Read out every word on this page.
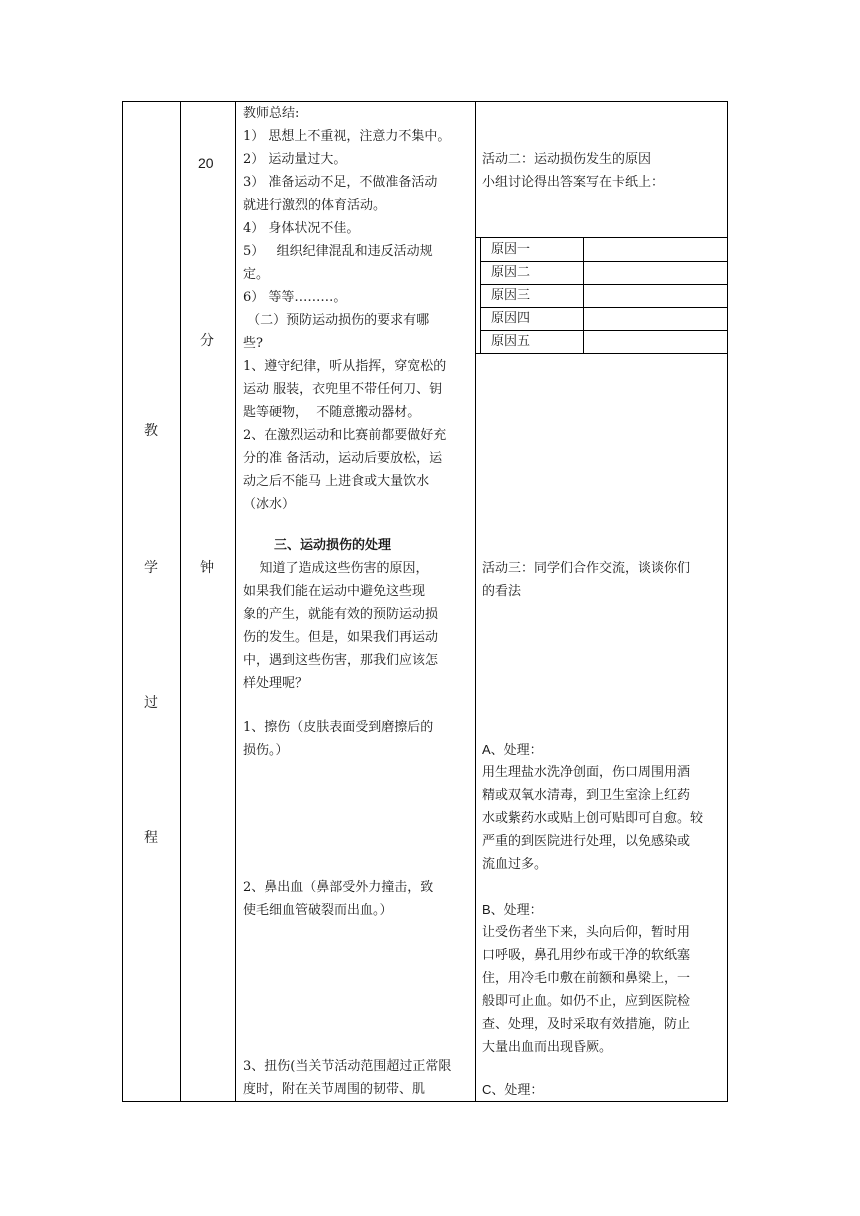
教
学
过
程
20
分
钟
教师总结:
1） 思想上不重视，注意力不集中。
2） 运动量过大。
3） 准备运动不足，不做准备活动
就进行激烈的体育活动。
4） 身体状况不佳。
5）   组织纪律混乱和违反活动规
定。
6） 等等………。
（二）预防运动损伤的要求有哪
些?
1、遵守纪律，听从指挥，穿宽松的
运动 服装，衣兜里不带任何刀、钥
匙等硬物，  不随意搬动器材。
2、在激烈运动和比赛前都要做好充
分的准 备活动，运动后要放松，运
动之后不能马 上进食或大量饮水
（冰水）
三、运动损伤的处理
知道了造成这些伤害的原因，
如果我们能在运动中避免这些现
象的产生，就能有效的预防运动损
伤的发生。但是，如果我们再运动
中，遇到这些伤害，那我们应该怎
样处理呢？
1、擦伤（皮肤表面受到磨擦后的
损伤。）
2、鼻出血（鼻部受外力撞击，致
使毛细血管破裂而出血。）
3、扭伤(当关节活动范围超过正常限
度时，附在关节周围的韧带、肌
活动二：运动损伤发生的原因
小组讨论得出答案写在卡纸上：
原因一
原因二
原因三
原因四
原因五
活动三：同学们合作交流，谈谈你们
的看法
A、处理：
用生理盐水洗净创面，伤口周围用酒
精或双氧水清毒，到卫生室涂上红药
水或紫药水或贴上创可贴即可自愈。较
严重的到医院进行处理，以免感染或
流血过多。
B、处理：
让受伤者坐下来，头向后仰，暂时用
口呼吸，鼻孔用纱布或干净的软纸塞
住，用冷毛巾敷在前额和鼻梁上，一
般即可止血。如仍不止，应到医院检
查、处理，及时采取有效措施，防止
大量出血而出现昏厥。
C、处理：
